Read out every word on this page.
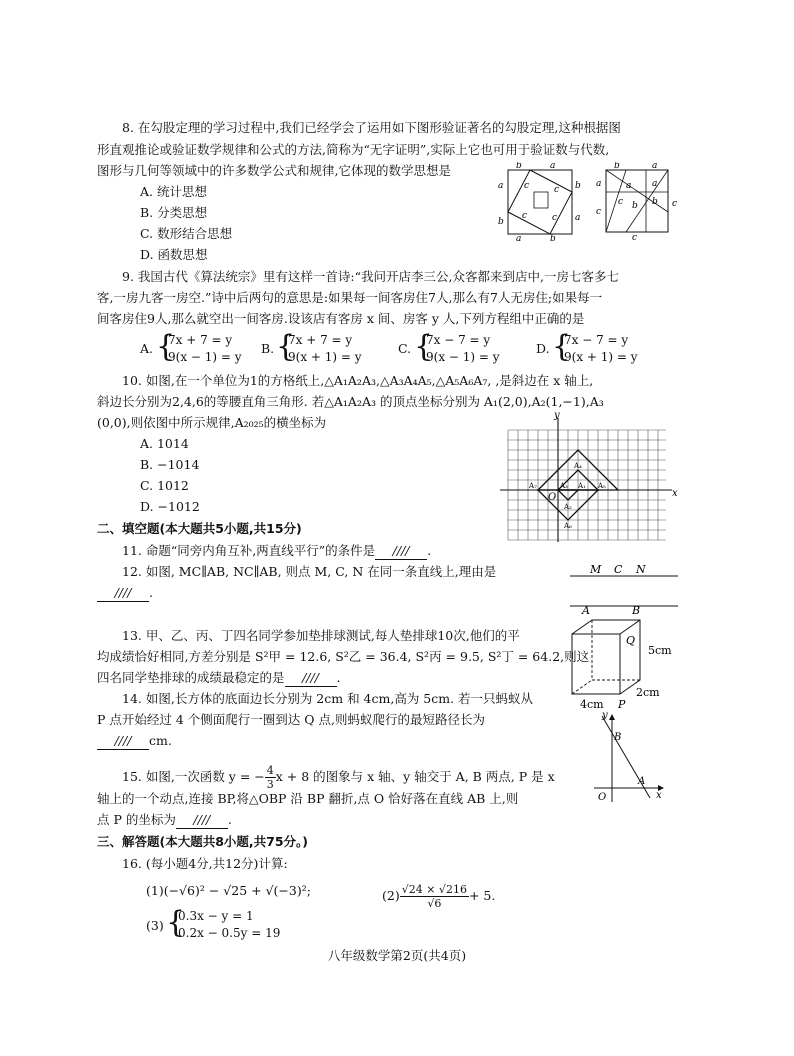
8. 在勾股定理的学习过程中,我们已经学会了运用如下图形验证著名的勾股定理,这种根据图
形直观推论或验证数学规律和公式的方法,简称为“无字证明”,实际上它也可用于验证数与代数,
图形与几何等领域中的许多数学公式和规律,它体现的数学思想是
A. 统计思想
B. 分类思想
C. 数形结合思想
D. 函数思想
b	a
a
b
b
a
a	b
c	c
c	c
b	a
a
c
a a
b
b
c	c
c
9. 我国古代《算法统宗》里有这样一首诗:“我问开店李三公,众客都来到店中,一房七客多七
客,一房九客一房空.”诗中后两句的意思是:如果每一间客房住7人,那么有7人无房住;如果每一
间客房住9人,那么就空出一间客房.设该店有客房 x 间、房客 y 人,下列方程组中正确的是
A. {
7x + 7 = y
9(x − 1) = y
B. {
7x + 7 = y
9(x + 1) = y
C. {
7x − 7 = y
9(x − 1) = y
D. {
7x − 7 = y
9(x + 1) = y
10. 如图,在一个单位为1的方格纸上,△A₁A₂A₃,△A₃A₄A₅,△A₅A₆A₇, ,是斜边在 x 轴上,
斜边长分别为2,4,6的等腰直角三角形. 若△A₁A₂A₃ 的顶点坐标分别为 A₁(2,0),A₂(1,−1),A₃
(0,0),则依图中所示规律,A₂₀₂₅的横坐标为
A. 1014
B. −1014
C. 1012
D. −1012
y
x
O
A₁
A₂
A₃
A₄
A₅
A₆
A₇
二、填空题(本大题共5小题,共15分)
11. 命题“同旁内角互补,两直线平行”的条件是 //// .
12. 如图, MC∥AB, NC∥AB, 则点 M, C, N 在同一条直线上,理由是
//// .
M C N
13. 甲、乙、丙、丁四名同学参加垫排球测试,每人垫排球10次,他们的平
均成绩恰好相同,方差分别是 S²甲 = 12.6, S²乙 = 36.4, S²丙 = 9.5, S²丁 = 64.2,则这
四名同学垫排球的成绩最稳定的是 //// .
14. 如图,长方体的底面边长分别为 2cm 和 4cm,高为 5cm. 若一只蚂蚁从
P 点开始经过 4 个侧面爬行一圈到达 Q 点,则蚂蚁爬行的最短路径长为
//// cm.
A	B
Q
5cm
2cm
4cm P
15. 如图,一次函数 y = − $\frac{4}{3}$ x + 8 的图象与 x 轴、y 轴交于 A, B 两点, P 是 x
轴上的一个动点,连接 BP,将△OBP 沿 BP 翻折,点 O 恰好落在直线 AB 上,则
点 P 的坐标为 //// .
y
x
B
A
O
三、解答题(本大题共8小题,共75分。)
16. (每小题4分,共12分)计算:
(1)(−√6)² − √25 + √(−3)²;	$(2) \frac{√24 \times √216}{√6} + 5$.
(3) {
0.3x − y = 1
0.2x − 0.5y = 19
八年级数学第2页(共4页)
